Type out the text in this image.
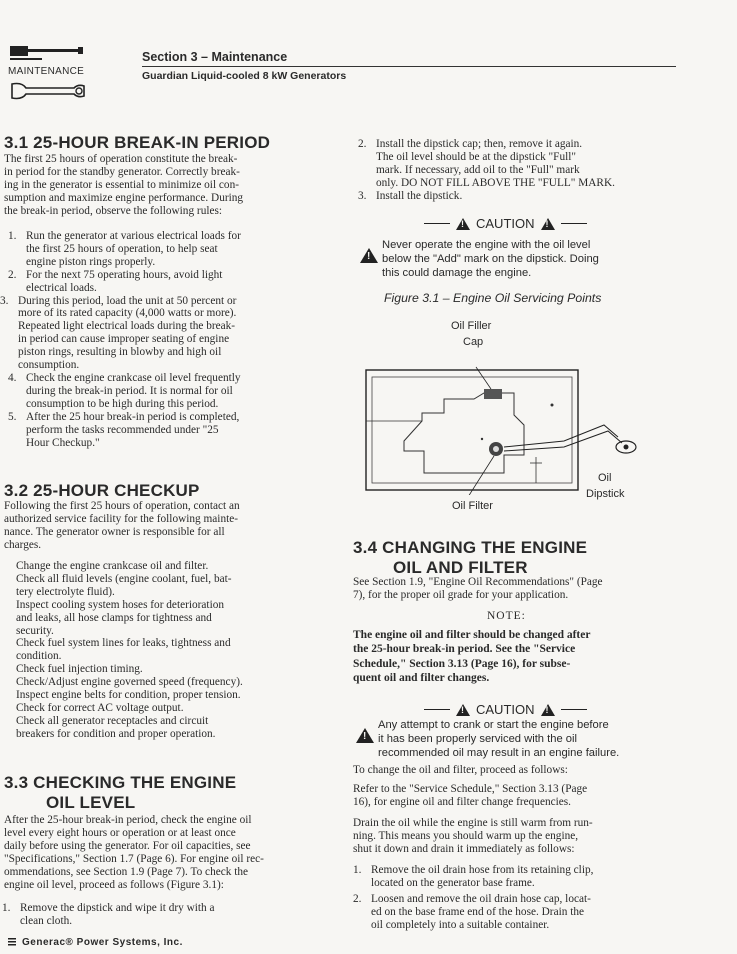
MAINTENANCE
Section 3 – Maintenance
Guardian Liquid-cooled 8 kW Generators
3.1 25-HOUR BREAK-IN PERIOD
The first 25 hours of operation constitute the break-
in period for the standby generator. Correctly break-
ing in the generator is essential to minimize oil con-
sumption and maximize engine performance. During
the break-in period, observe the following rules:
1. Run the generator at various electrical loads for
the first 25 hours of operation, to help seat
engine piston rings properly.
2. For the next 75 operating hours, avoid light
electrical loads.
3. During this period, load the unit at 50 percent or
more of its rated capacity (4,000 watts or more).
Repeated light electrical loads during the break-
in period can cause improper seating of engine
piston rings, resulting in blowby and high oil
consumption.
4. Check the engine crankcase oil level frequently
during the break-in period. It is normal for oil
consumption to be high during this period.
5. After the 25 hour break-in period is completed,
perform the tasks recommended under "25
Hour Checkup."
3.2 25-HOUR CHECKUP
Following the first 25 hours of operation, contact an
authorized service facility for the following mainte-
nance. The generator owner is responsible for all
charges.
Change the engine crankcase oil and filter.
Check all fluid levels (engine coolant, fuel, bat-
tery electrolyte fluid).
Inspect cooling system hoses for deterioration
and leaks, all hose clamps for tightness and
security.
Check fuel system lines for leaks, tightness and
condition.
Check fuel injection timing.
Check/Adjust engine governed speed (frequency).
Inspect engine belts for condition, proper tension.
Check for correct AC voltage output.
Check all generator receptacles and circuit
breakers for condition and proper operation.
3.3 CHECKING THE ENGINE
OIL LEVEL
After the 25-hour break-in period, check the engine oil
level every eight hours or operation or at least once
daily before using the generator. For oil capacities, see
"Specifications," Section 1.7 (Page 6). For engine oil rec-
ommendations, see Section 1.9 (Page 7). To check the
engine oil level, proceed as follows (Figure 3.1):
1. Remove the dipstick and wipe it dry with a
clean cloth.
Generac® Power Systems, Inc.
2. Install the dipstick cap; then, remove it again.
The oil level should be at the dipstick "Full"
mark. If necessary, add oil to the "Full" mark
only. DO NOT FILL ABOVE THE "FULL" MARK.
3. Install the dipstick.
!
CAUTION
!
!
Never operate the engine with the oil level
below the "Add" mark on the dipstick. Doing
this could damage the engine.
Figure 3.1 – Engine Oil Servicing Points
Oil Filler
Cap
Oil Filter
Oil
Dipstick
3.4 CHANGING THE ENGINE
OIL AND FILTER
See Section 1.9, "Engine Oil Recommendations" (Page
7), for the proper oil grade for your application.
NOTE:
The engine oil and filter should be changed after
the 25-hour break-in period. See the "Service
Schedule," Section 3.13 (Page 16), for subse-
quent oil and filter changes.
!
CAUTION
!
!
Any attempt to crank or start the engine before
it has been properly serviced with the oil
recommended oil may result in an engine failure.
To change the oil and filter, proceed as follows:
Refer to the "Service Schedule," Section 3.13 (Page
16), for engine oil and filter change frequencies.
Drain the oil while the engine is still warm from run-
ning. This means you should warm up the engine,
shut it down and drain it immediately as follows:
1. Remove the oil drain hose from its retaining clip,
located on the generator base frame.
2. Loosen and remove the oil drain hose cap, locat-
ed on the base frame end of the hose. Drain the
oil completely into a suitable container.
